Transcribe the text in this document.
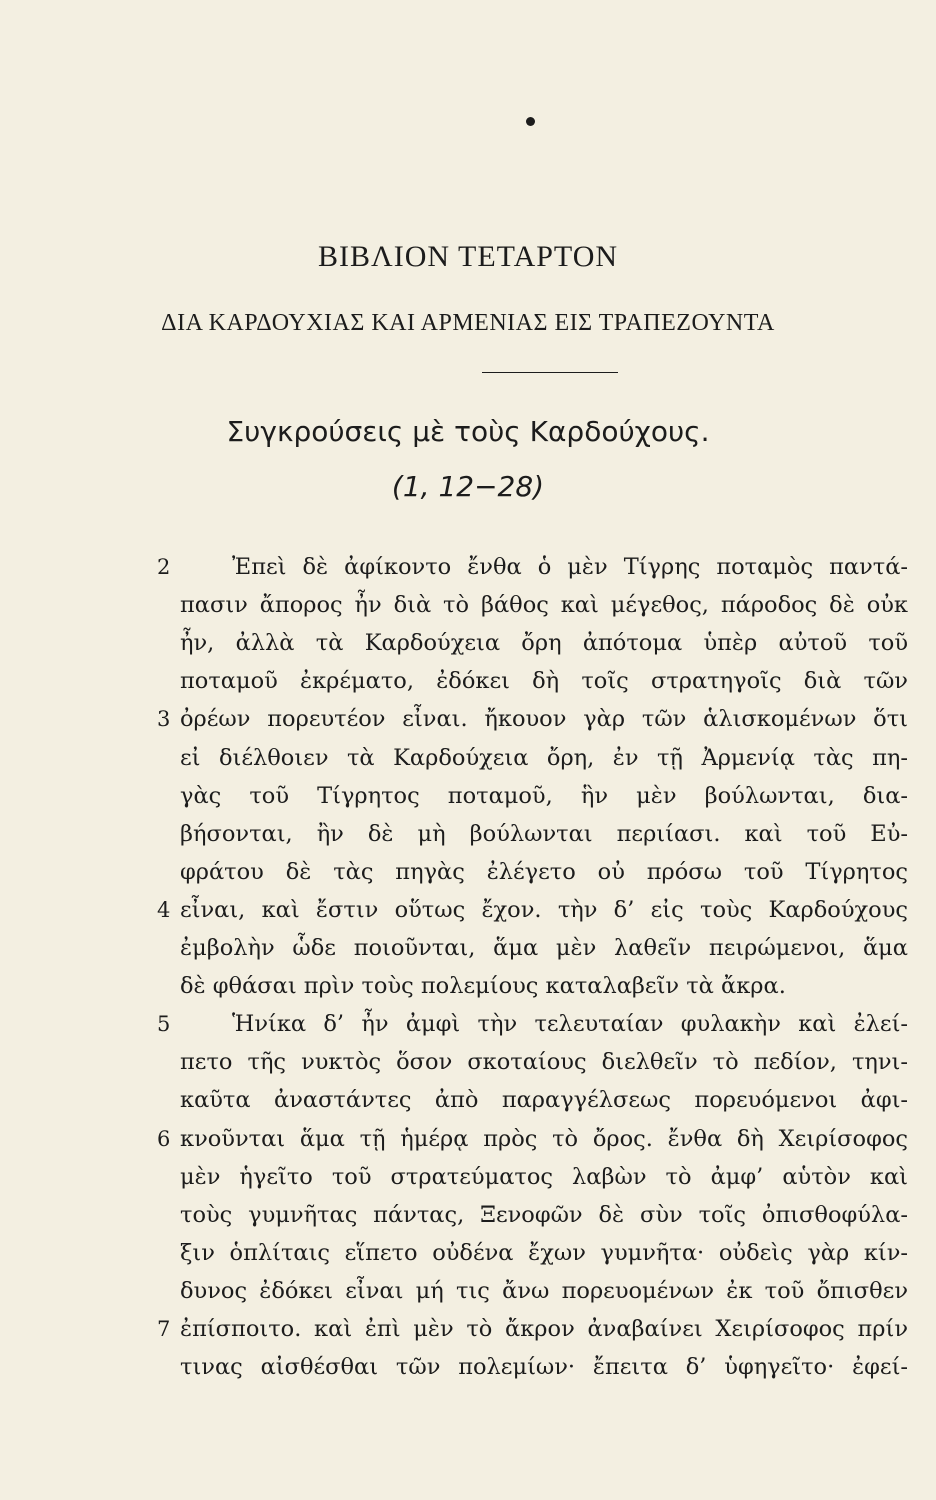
ΒΙΒΛΙΟΝ ΤΕΤΑΡΤΟΝ
ΔΙΑ ΚΑΡΔΟΥΧΙΑΣ ΚΑΙ ΑΡΜΕΝΙΑΣ ΕΙΣ ΤΡΑΠΕΖΟΥΝΤΑ
Συγκρούσεις μὲ τοὺς Καρδούχους.
(1, 12−28)
2	Ἐπεὶ δὲ ἀφίκοντο ἔνθα ὁ μὲν Τίγρης ποταμὸς παντά-
πασιν ἄπορος ἦν διὰ τὸ βάθος καὶ μέγεθος, πάροδος δὲ οὐκ
ἦν, ἀλλὰ τὰ Καρδούχεια ὄρη ἀπότομα ὑπὲρ αὐτοῦ τοῦ
ποταμοῦ ἐκρέματο, ἐδόκει δὴ τοῖς στρατηγοῖς διὰ τῶν
3 ὀρέων πορευτέον εἶναι. ἤκουον γὰρ τῶν ἁλισκομένων ὅτι
εἰ διέλθοιεν τὰ Καρδούχεια ὄρη, ἐν τῇ Ἀρμενίᾳ τὰς πη-
γὰς τοῦ Τίγρητος ποταμοῦ, ἣν μὲν βούλωνται, δια-
βήσονται, ἢν δὲ μὴ βούλωνται περιίασι. καὶ τοῦ Εὐ-
φράτου δὲ τὰς πηγὰς ἐλέγετο οὐ πρόσω τοῦ Τίγρητος
4 εἶναι, καὶ ἔστιν οὕτως ἔχον. τὴν δ’ εἰς τοὺς Καρδούχους
ἐμβολὴν ὧδε ποιοῦνται, ἅμα μὲν λαθεῖν πειρώμενοι, ἅμα
δὲ φθάσαι πρὶν τοὺς πολεμίους καταλαβεῖν τὰ ἄκρα.
5	Ἡνίκα δ’ ἦν ἀμφὶ τὴν τελευταίαν φυλακὴν καὶ ἐλεί-
πετο τῆς νυκτὸς ὅσον σκοταίους διελθεῖν τὸ πεδίον, τηνι-
καῦτα ἀναστάντες ἀπὸ παραγγέλσεως πορευόμενοι ἀφι-
6 κνοῦνται ἅμα τῇ ἡμέρᾳ πρὸς τὸ ὄρος. ἔνθα δὴ Χειρίσοφος
μὲν ἡγεῖτο τοῦ στρατεύματος λαβὼν τὸ ἀμφ’ αὑτὸν καὶ
τοὺς γυμνῆτας πάντας, Ξενοφῶν δὲ σὺν τοῖς ὀπισθοφύλα-
ξιν ὁπλίταις εἵπετο οὐδένα ἔχων γυμνῆτα· οὐδεὶς γὰρ κίν-
δυνος ἐδόκει εἶναι μή τις ἄνω πορευομένων ἐκ τοῦ ὄπισθεν
7 ἐπίσποιτο. καὶ ἐπὶ μὲν τὸ ἄκρον ἀναβαίνει Χειρίσοφος πρίν
τινας αἰσθέσθαι τῶν πολεμίων· ἔπειτα δ’ ὑφηγεῖτο· ἐφεί-
